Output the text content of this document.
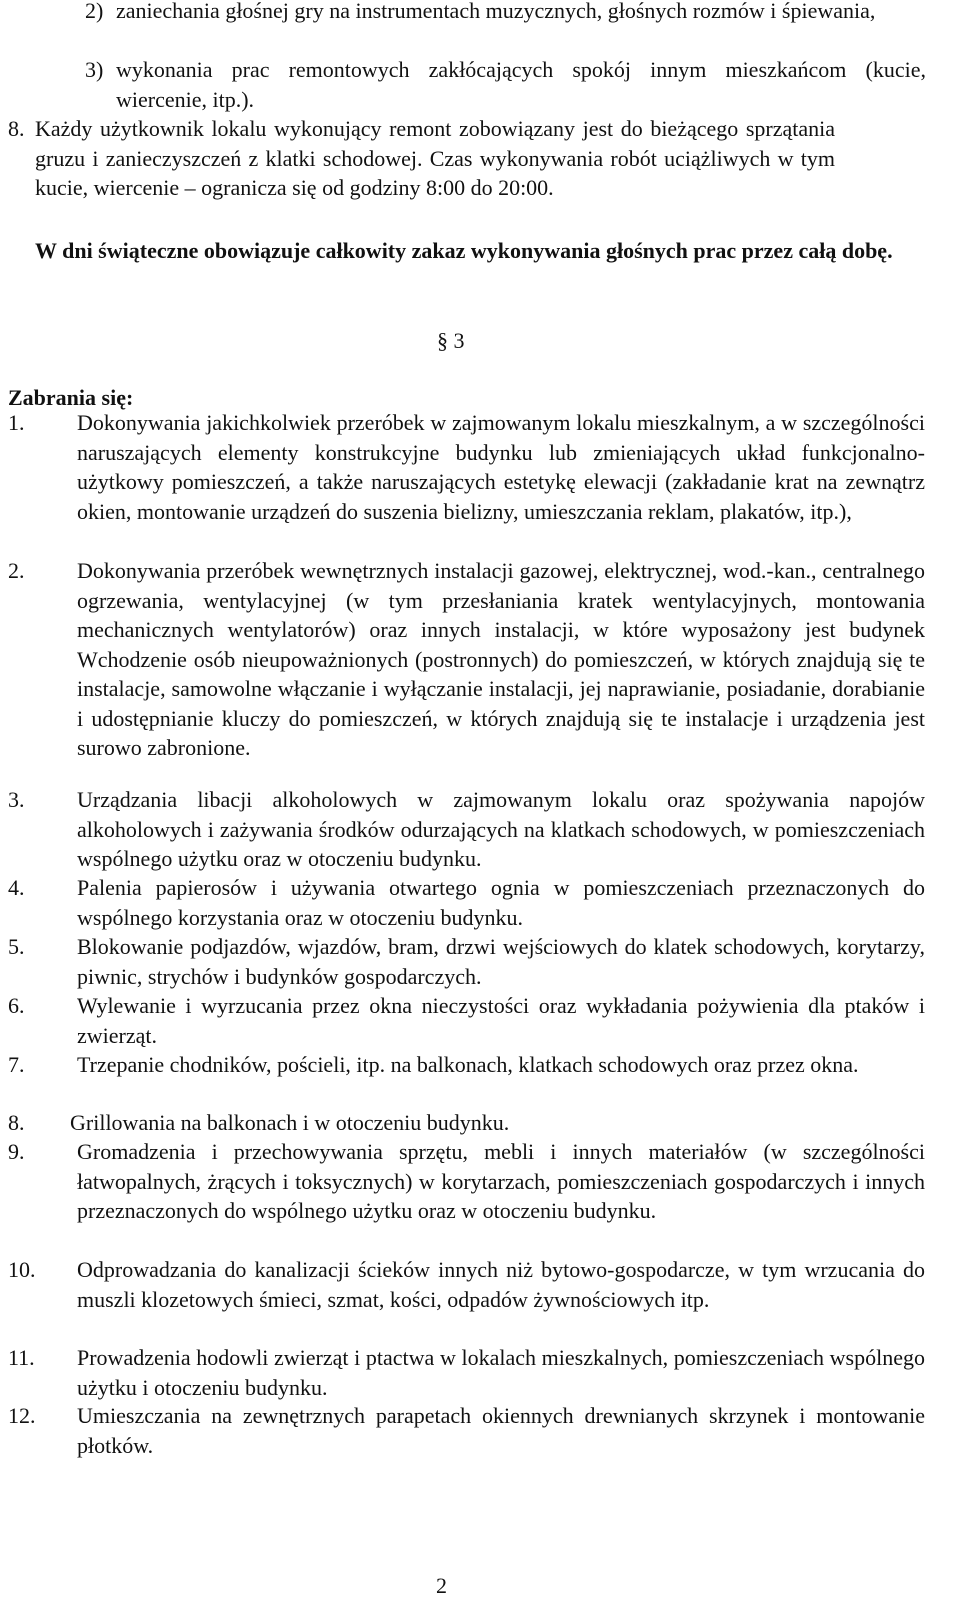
2) zaniechania głośnej gry na instrumentach muzycznych, głośnych rozmów i śpiewania,
3) wykonania prac remontowych zakłócających spokój innym mieszkańcom (kucie, wiercenie, itp.).
8. Każdy użytkownik lokalu wykonujący remont zobowiązany jest do bieżącego sprzątania gruzu i zanieczyszczeń z klatki schodowej. Czas wykonywania robót uciążliwych w tym kucie, wiercenie – ogranicza się od godziny 8:00 do 20:00.
W dni świąteczne obowiązuje całkowity zakaz wykonywania głośnych prac przez całą dobę.
§ 3
Zabrania się:
1. Dokonywania jakichkolwiek przeróbek w zajmowanym lokalu mieszkalnym, a w szczególności naruszających elementy konstrukcyjne budynku lub zmieniających układ funkcjonalno-użytkowy pomieszczeń, a także naruszających estetykę elewacji (zakładanie krat na zewnątrz okien, montowanie urządzeń do suszenia bielizny, umieszczania reklam, plakatów, itp.),
2. Dokonywania przeróbek wewnętrznych instalacji gazowej, elektrycznej, wod.-kan., centralnego ogrzewania, wentylacyjnej (w tym przesłaniania kratek wentylacyjnych, montowania mechanicznych wentylatorów) oraz innych instalacji, w które wyposażony jest budynek Wchodzenie osób nieupoważnionych (postronnych) do pomieszczeń, w których znajdują się te instalacje, samowolne włączanie i wyłączanie instalacji, jej naprawianie, posiadanie, dorabianie i udostępnianie kluczy do pomieszczeń, w których znajdują się te instalacje i urządzenia jest surowo zabronione.
3. Urządzania libacji alkoholowych w zajmowanym lokalu oraz spożywania napojów alkoholowych i zażywania środków odurzających na klatkach schodowych, w pomieszczeniach wspólnego użytku oraz w otoczeniu budynku.
4. Palenia papierosów i używania otwartego ognia w pomieszczeniach przeznaczonych do wspólnego korzystania oraz w otoczeniu budynku.
5. Blokowanie podjazdów, wjazdów, bram, drzwi wejściowych do klatek schodowych, korytarzy, piwnic, strychów i budynków gospodarczych.
6. Wylewanie i wyrzucania przez okna nieczystości oraz wykładania pożywienia dla ptaków i zwierząt.
7. Trzepanie chodników, pościeli, itp. na balkonach, klatkach schodowych oraz przez okna.
8. Grillowania na balkonach i w otoczeniu budynku.
9. Gromadzenia i przechowywania sprzętu, mebli i innych materiałów (w szczególności łatwopalnych, żrących i toksycznych) w korytarzach, pomieszczeniach gospodarczych i innych przeznaczonych do wspólnego użytku oraz w otoczeniu budynku.
10. Odprowadzania do kanalizacji ścieków innych niż bytowo-gospodarcze, w tym wrzucania do muszli klozetowych śmieci, szmat, kości, odpadów żywnościowych itp.
11. Prowadzenia hodowli zwierząt i ptactwa w lokalach mieszkalnych, pomieszczeniach wspólnego użytku i otoczeniu budynku.
12. Umieszczania na zewnętrznych parapetach okiennych drewnianych skrzynek i montowanie płotków.
2
